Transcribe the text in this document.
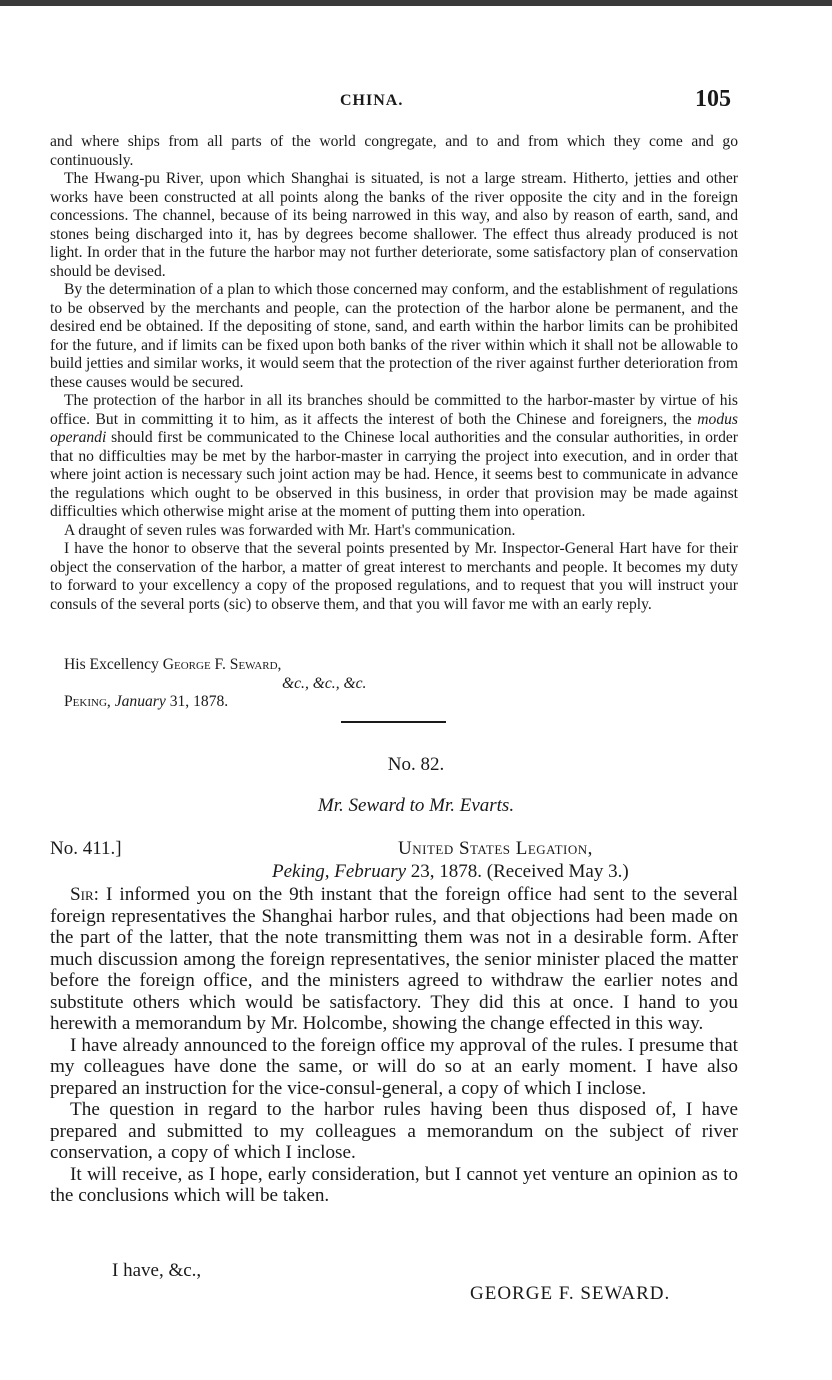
CHINA.	105

and where ships from all parts of the world congregate, and to and from which they come and go continuously.

The Hwang-pu River, upon which Shanghai is situated, is not a large stream. Hitherto, jetties and other works have been constructed at all points along the banks of the river opposite the city and in the foreign concessions. The channel, because of its being narrowed in this way, and also by reason of earth, sand, and stones being discharged into it, has by degrees become shallower. The effect thus already produced is not light. In order that in the future the harbor may not further deteriorate, some satisfactory plan of conservation should be devised.

By the determination of a plan to which those concerned may conform, and the establishment of regulations to be observed by the merchants and people, can the protection of the harbor alone be permanent, and the desired end be obtained. If the depositing of stone, sand, and earth within the harbor limits can be prohibited for the future, and if limits can be fixed upon both banks of the river within which it shall not be allowable to build jetties and similar works, it would seem that the protection of the river against further deterioration from these causes would be secured.

The protection of the harbor in all its branches should be committed to the harbor-master by virtue of his office. But in committing it to him, as it affects the interest of both the Chinese and foreigners, the modus operandi should first be communicated to the Chinese local authorities and the consular authorities, in order that no difficulties may be met by the harbor-master in carrying the project into execution, and in order that where joint action is necessary such joint action may be had. Hence, it seems best to communicate in advance the regulations which ought to be observed in this business, in order that provision may be made against difficulties which otherwise might arise at the moment of putting them into operation.

A draught of seven rules was forwarded with Mr. Hart's communication.

I have the honor to observe that the several points presented by Mr. Inspector-General Hart have for their object the conservation of the harbor, a matter of great interest to merchants and people. It becomes my duty to forward to your excellency a copy of the proposed regulations, and to request that you will instruct your consuls of the several ports (sic) to observe them, and that you will favor me with an early reply.

His Excellency George F. Seward,
&c., &c., &c.
Peking, January 31, 1878.
No. 82.
Mr. Seward to Mr. Evarts.
No. 411.]	United States Legation,
Peking, February 23, 1878. (Received May 3.)

Sir: I informed you on the 9th instant that the foreign office had sent to the several foreign representatives the Shanghai harbor rules, and that objections had been made on the part of the latter, that the note transmitting them was not in a desirable form. After much discussion among the foreign representatives, the senior minister placed the matter before the foreign office, and the ministers agreed to withdraw the earlier notes and substitute others which would be satisfactory. They did this at once. I hand to you herewith a memorandum by Mr. Holcombe, showing the change effected in this way.

I have already announced to the foreign office my approval of the rules. I presume that my colleagues have done the same, or will do so at an early moment. I have also prepared an instruction for the vice-consul-general, a copy of which I inclose.

The question in regard to the harbor rules having been thus disposed of, I have prepared and submitted to my colleagues a memorandum on the subject of river conservation, a copy of which I inclose.

It will receive, as I hope, early consideration, but I cannot yet venture an opinion as to the conclusions which will be taken.

I have, &c.,
GEORGE F. SEWARD.
